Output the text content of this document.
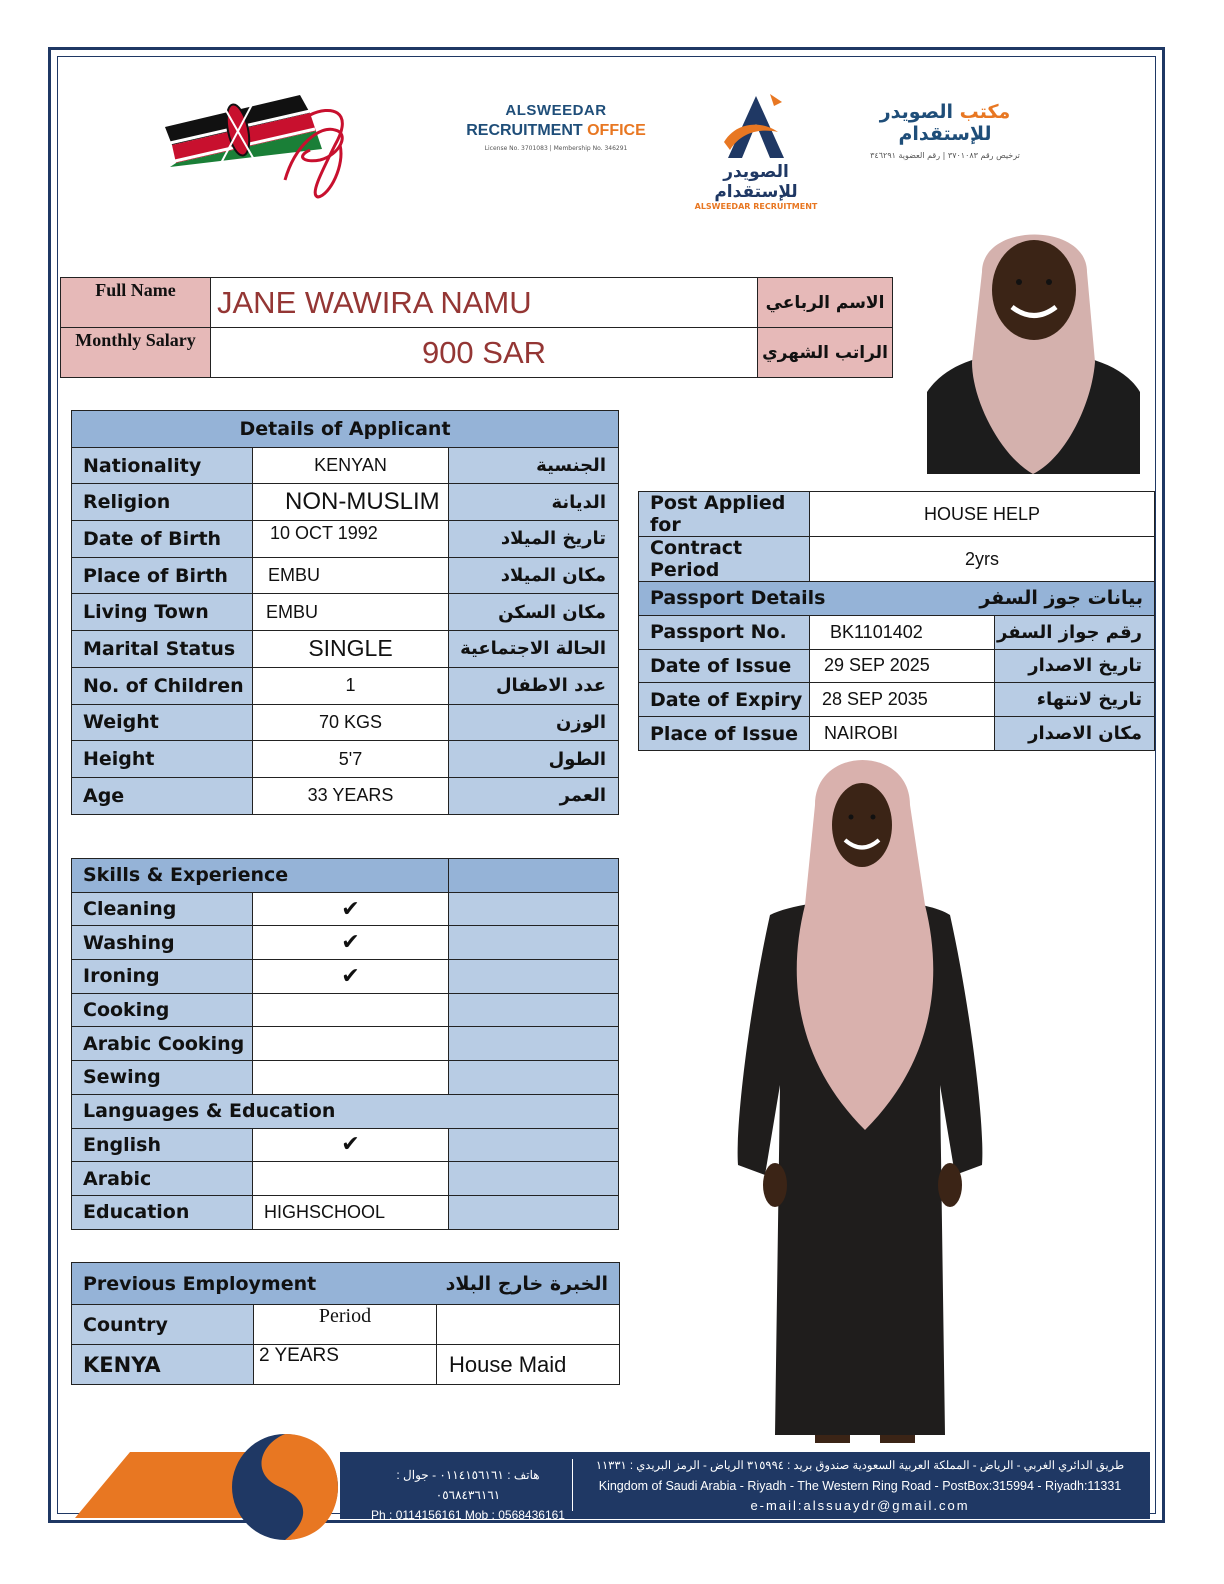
ALSWEEDAR
RECRUITMENT OFFICE
License No. 3701083 | Membership No. 346291
الصويدر للإستقدام
ALSWEEDAR RECRUITMENT
مكتب الصويدر للإستقدام
ترخيص رقم ٣٧٠١٠٨٣ | رقم العضوية ٣٤٦٢٩١
Full Name	JANE WAWIRA NAMU	الاسم الرباعي
Monthly Salary	900 SAR	الراتب الشهري
Details of Applicant		
Nationality	KENYAN	الجنسية
Religion	NON-MUSLIM	الديانة
Date of Birth	10 OCT 1992	تاريخ الميلاد
Place of Birth	EMBU	مكان الميلاد
Living Town	EMBU	مكان السكن
Marital Status	SINGLE	الحالة الاجتماعية
No. of Children	1	عدد الاطفال
Weight	70 KGS	الوزن
Height	5'7	الطول
Age	33 YEARS	العمر
Post Applied for	HOUSE HELP	
Contract Period	2yrs	
Passport Details بيانات جوز السفر		

Passport No.	BK1101402	رقم جواز السفر
Date of Issue	29 SEP 2025	تاريخ الاصدار
Date of Expiry	28 SEP 2035	تاريخ لانتهاء
Place of Issue	NAIROBI	مكان الاصدار
Skills & Experience		
Cleaning	✔	
Washing	✔	
Ironing	✔	
Cooking		
Arabic Cooking		
Sewing		
Languages & Education		
English	✔	
Arabic		
Education	HIGHSCHOOL	
Previous Employment الخبرة خارج البلاد		

Country	Period	
KENYA	2 YEARS	House Maid
هاتف : ٠١١٤١٥٦١٦١ - جوال : ٠٥٦٨٤٣٦١٦١
Ph : 0114156161 Mob : 0568436161
طريق الدائري الغربي - الرياض - المملكة العربية السعودية صندوق بريد : ٣١٥٩٩٤ الرياض - الرمز البريدي : ١١٣٣١
Kingdom of Saudi Arabia - Riyadh - The Western Ring Road - PostBox:315994 - Riyadh:11331
e-mail:alssuaydr@gmail.com
